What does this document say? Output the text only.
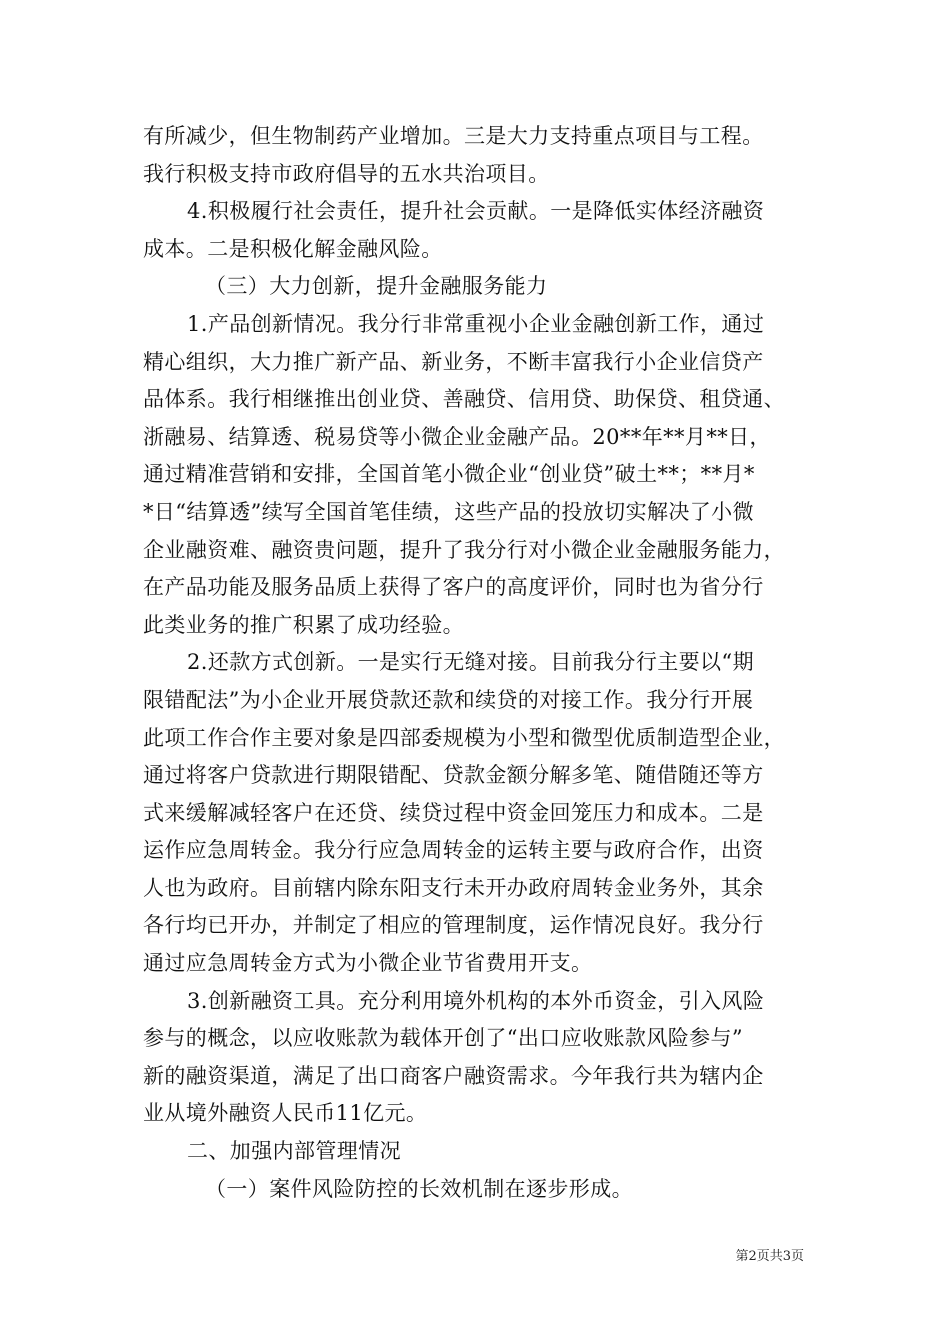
有所减少，但生物制药产业增加。三是大力支持重点项目与工程。
我行积极支持市政府倡导的五水共治项目。
4.积极履行社会责任，提升社会贡献。一是降低实体经济融资
成本。二是积极化解金融风险。
（三）大力创新，提升金融服务能力
1.产品创新情况。我分行非常重视小企业金融创新工作，通过
精心组织，大力推广新产品、新业务，不断丰富我行小企业信贷产
品体系。我行相继推出创业贷、善融贷、信用贷、助保贷、租贷通、
浙融易、结算透、税易贷等小微企业金融产品。20**年**月**日，
通过精准营销和安排，全国首笔小微企业“创业贷”破土**；**月*
*日“结算透”续写全国首笔佳绩，这些产品的投放切实解决了小微
企业融资难、融资贵问题，提升了我分行对小微企业金融服务能力，
在产品功能及服务品质上获得了客户的高度评价，同时也为省分行
此类业务的推广积累了成功经验。
2.还款方式创新。一是实行无缝对接。目前我分行主要以“期
限错配法”为小企业开展贷款还款和续贷的对接工作。我分行开展
此项工作合作主要对象是四部委规模为小型和微型优质制造型企业，
通过将客户贷款进行期限错配、贷款金额分解多笔、随借随还等方
式来缓解减轻客户在还贷、续贷过程中资金回笼压力和成本。二是
运作应急周转金。我分行应急周转金的运转主要与政府合作，出资
人也为政府。目前辖内除东阳支行未开办政府周转金业务外，其余
各行均已开办，并制定了相应的管理制度，运作情况良好。我分行
通过应急周转金方式为小微企业节省费用开支。
3.创新融资工具。充分利用境外机构的本外币资金，引入风险
参与的概念，以应收账款为载体开创了“出口应收账款风险参与”
新的融资渠道，满足了出口商客户融资需求。今年我行共为辖内企
业从境外融资人民币11亿元。
二、加强内部管理情况
（一）案件风险防控的长效机制在逐步形成。
第2页共3页
